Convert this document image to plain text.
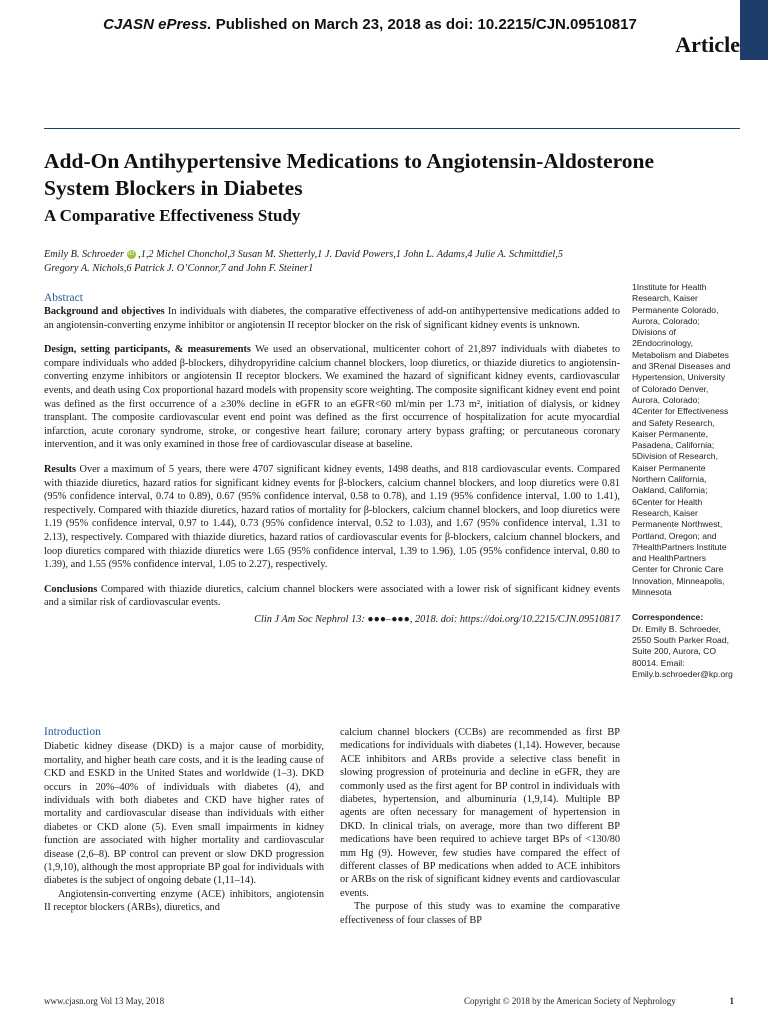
CJASN ePress. Published on March 23, 2018 as doi: 10.2215/CJN.09510817
Article
Add-On Antihypertensive Medications to Angiotensin-Aldosterone System Blockers in Diabetes
A Comparative Effectiveness Study
Emily B. Schroeder iD ,1,2 Michel Chonchol,3 Susan M. Shetterly,1 J. David Powers,1 John L. Adams,4 Julie A. Schmittdiel,5
Gregory A. Nichols,6 Patrick J. O’Connor,7 and John F. Steiner1
Abstract

Background and objectives In individuals with diabetes, the comparative effectiveness of add-on antihypertensive medications added to an angiotensin-converting enzyme inhibitor or angiotensin II receptor blocker on the risk of significant kidney events is unknown.

Design, setting participants, & measurements We used an observational, multicenter cohort of 21,897 individuals with diabetes to compare individuals who added β-blockers, dihydropyridine calcium channel blockers, loop diuretics, or thiazide diuretics to angiotensin-converting enzyme inhibitors or angiotensin II receptor blockers. We examined the hazard of significant kidney events, cardiovascular events, and death using Cox proportional hazard models with propensity score weighting. The composite significant kidney event end point was defined as the first occurrence of a ≥30% decline in eGFR to an eGFR<60 ml/min per 1.73 m², initiation of dialysis, or kidney transplant. The composite cardiovascular event end point was defined as the first occurrence of hospitalization for acute myocardial infarction, acute coronary syndrome, stroke, or congestive heart failure; coronary artery bypass grafting; or percutaneous coronary intervention, and it was only examined in those free of cardiovascular disease at baseline.

Results Over a maximum of 5 years, there were 4707 significant kidney events, 1498 deaths, and 818 cardiovascular events. Compared with thiazide diuretics, hazard ratios for significant kidney events for β-blockers, calcium channel blockers, and loop diuretics were 0.81 (95% confidence interval, 0.74 to 0.89), 0.67 (95% confidence interval, 0.58 to 0.78), and 1.19 (95% confidence interval, 1.00 to 1.41), respectively. Compared with thiazide diuretics, hazard ratios of mortality for β-blockers, calcium channel blockers, and loop diuretics were 1.19 (95% confidence interval, 0.97 to 1.44), 0.73 (95% confidence interval, 0.52 to 1.03), and 1.67 (95% confidence interval, 1.31 to 2.13), respectively. Compared with thiazide diuretics, hazard ratios of cardiovascular events for β-blockers, calcium channel blockers, and loop diuretics compared with thiazide diuretics were 1.65 (95% confidence interval, 1.39 to 1.96), 1.05 (95% confidence interval, 0.80 to 1.39), and 1.55 (95% confidence interval, 1.05 to 2.27), respectively.

Conclusions Compared with thiazide diuretics, calcium channel blockers were associated with a lower risk of significant kidney events and a similar risk of cardiovascular events.

Clin J Am Soc Nephrol 13: ●●●–●●●, 2018. doi: https://doi.org/10.2215/CJN.09510817

1Institute for Health Research, Kaiser Permanente Colorado, Aurora, Colorado; Divisions of 2Endocrinology, Metabolism and Diabetes and 3Renal Diseases and Hypertension, University of Colorado Denver, Aurora, Colorado; 4Center for Effectiveness and Safety Research, Kaiser Permanente, Pasadena, California; 5Division of Research, Kaiser Permanente Northern California, Oakland, California; 6Center for Health Research, Kaiser Permanente Northwest, Portland, Oregon; and 7HealthPartners Institute and HealthPartners Center for Chronic Care Innovation, Minneapolis, Minnesota
Correspondence:
Dr. Emily B. Schroeder, 2550 South Parker Road, Suite 200, Aurora, CO 80014. Email: Emily.b.schroeder@kp.org
Introduction

Diabetic kidney disease (DKD) is a major cause of morbidity, mortality, and higher heath care costs, and it is the leading cause of CKD and ESKD in the United States and worldwide (1–3). DKD occurs in 20%–40% of individuals with diabetes (4), and individuals with both diabetes and CKD have higher rates of mortality and cardiovascular disease than individuals with either diabetes or CKD alone (5). Even small impairments in kidney function are associated with higher mortality and cardiovascular disease (2,6–8). BP control can prevent or slow DKD progression (1,9,10), although the most appropriate BP goal for individuals with diabetes is the subject of ongoing debate (1,11–14).

Angiotensin-converting enzyme (ACE) inhibitors, angiotensin II receptor blockers (ARBs), diuretics, and

calcium channel blockers (CCBs) are recommended as first BP medications for individuals with diabetes (1,14). However, because ACE inhibitors and ARBs provide a selective class benefit in slowing progression of proteinuria and decline in eGFR, they are commonly used as the first agent for BP control in individuals with diabetes, hypertension, and albuminuria (1,9,14). Multiple BP agents are often necessary for management of hypertension in DKD. In clinical trials, on average, more than two different BP medications have been required to achieve target BPs of <130/80 mm Hg (9). However, few studies have compared the effect of different classes of BP medications when added to ACE inhibitors or ARBs on the risk of significant kidney events and cardiovascular events.

The purpose of this study was to examine the comparative effectiveness of four classes of BP

www.cjasn.org Vol 13 May, 2018	Copyright © 2018 by the American Society of Nephrology	1
